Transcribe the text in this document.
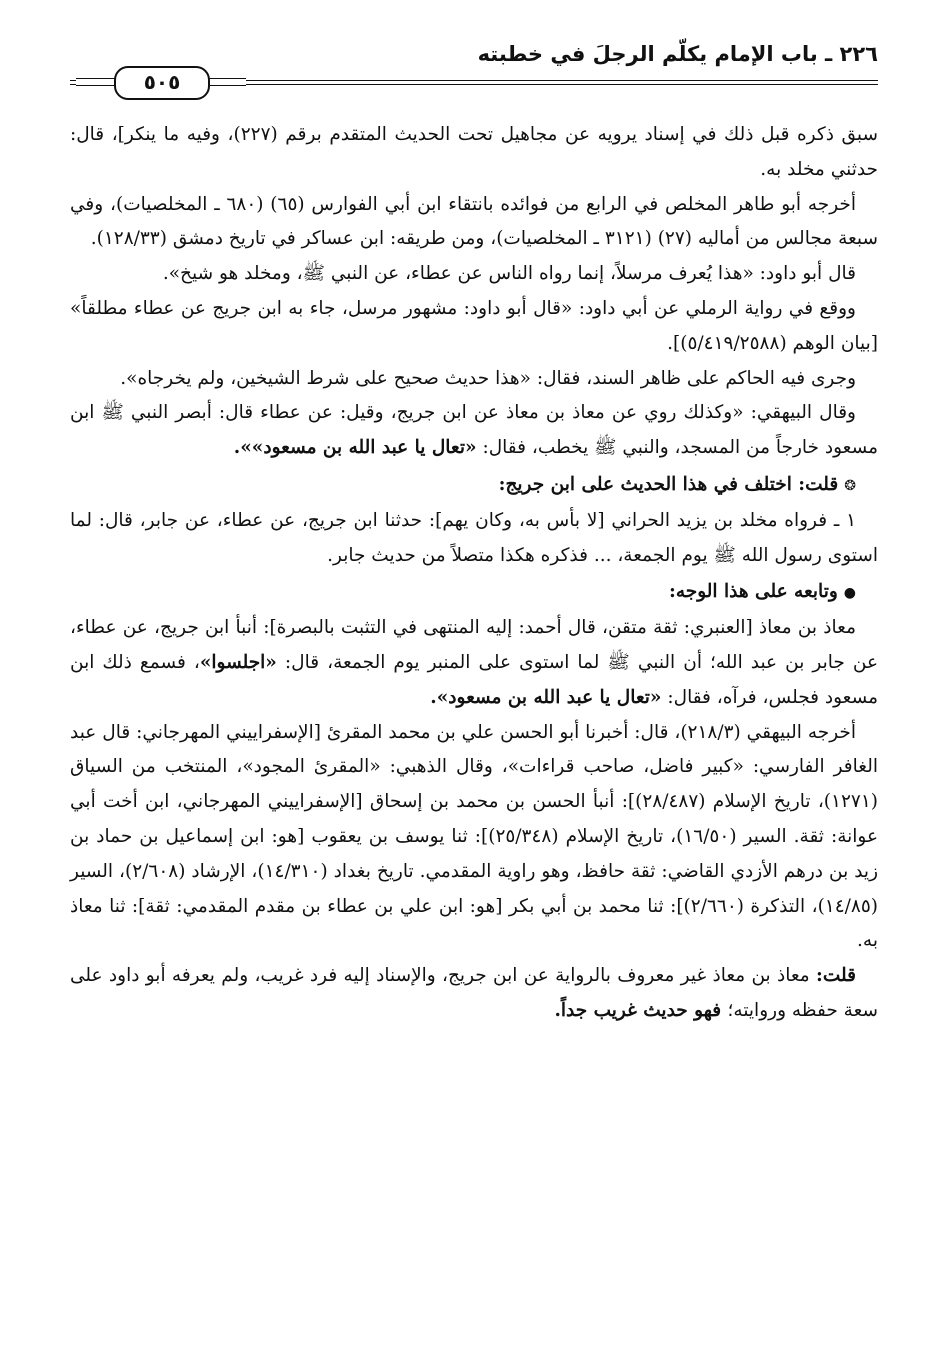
٢٢٦ ـ باب الإمام يكلّم الرجلَ في خطبته
٥٠٥

سبق ذكره قبل ذلك في إسناد يرويه عن مجاهيل تحت الحديث المتقدم برقم (٢٢٧)، وفيه ما ينكر]، قال: حدثني مخلد به.

أخرجه أبو طاهر المخلص في الرابع من فوائده بانتقاء ابن أبي الفوارس (٦٥) (٦٨٠ ـ المخلصيات)، وفي سبعة مجالس من أماليه (٢٧) (٣١٢١ ـ المخلصيات)، ومن طريقه: ابن عساكر في تاريخ دمشق (١٢٨/٣٣).

قال أبو داود: «هذا يُعرف مرسلاً، إنما رواه الناس عن عطاء، عن النبي ﷺ، ومخلد هو شيخ».

ووقع في رواية الرملي عن أبي داود: «قال أبو داود: مشهور مرسل، جاء به ابن جريج عن عطاء مطلقاً» [بيان الوهم (٥/٤١٩/٢٥٨٨)].

وجرى فيه الحاكم على ظاهر السند، فقال: «هذا حديث صحيح على شرط الشيخين، ولم يخرجاه».

وقال البيهقي: «وكذلك روي عن معاذ بن معاذ عن ابن جريج، وقيل: عن عطاء قال: أبصر النبي ﷺ ابن مسعود خارجاً من المسجد، والنبي ﷺ يخطب، فقال: «تعال يا عبد الله بن مسعود»».

❂قلت: اختلف في هذا الحديث على ابن جريج:

١ ـ فرواه مخلد بن يزيد الحراني [لا بأس به، وكان يهم]: حدثنا ابن جريج، عن عطاء، عن جابر، قال: لما استوى رسول الله ﷺ يوم الجمعة، ... فذكره هكذا متصلاً من حديث جابر.

●وتابعه على هذا الوجه:

معاذ بن معاذ [العنبري: ثقة متقن، قال أحمد: إليه المنتهى في التثبت بالبصرة]: أنبأ ابن جريج، عن عطاء، عن جابر بن عبد الله؛ أن النبي ﷺ لما استوى على المنبر يوم الجمعة، قال: «اجلسوا»، فسمع ذلك ابن مسعود فجلس، فرآه، فقال: «تعال يا عبد الله بن مسعود».

أخرجه البيهقي (٢١٨/٣)، قال: أخبرنا أبو الحسن علي بن محمد المقرئ [الإسفراييني المهرجاني: قال عبد الغافر الفارسي: «كبير فاضل، صاحب قراءات»، وقال الذهبي: «المقرئ المجود»، المنتخب من السياق (١٢٧١)، تاريخ الإسلام (٢٨/٤٨٧)]: أنبأ الحسن بن محمد بن إسحاق [الإسفراييني المهرجاني، ابن أخت أبي عوانة: ثقة. السير (١٦/٥٠)، تاريخ الإسلام (٢٥/٣٤٨)]: ثنا يوسف بن يعقوب [هو: ابن إسماعيل بن حماد بن زيد بن درهم الأزدي القاضي: ثقة حافظ، وهو راوية المقدمي. تاريخ بغداد (١٤/٣١٠)، الإرشاد (٢/٦٠٨)، السير (١٤/٨٥)، التذكرة (٢/٦٦٠)]: ثنا محمد بن أبي بكر [هو: ابن علي بن عطاء بن مقدم المقدمي: ثقة]: ثنا معاذ به.

قلت: معاذ بن معاذ غير معروف بالرواية عن ابن جريج، والإسناد إليه فرد غريب، ولم يعرفه أبو داود على سعة حفظه وروايته؛ فهو حديث غريب جداً.
